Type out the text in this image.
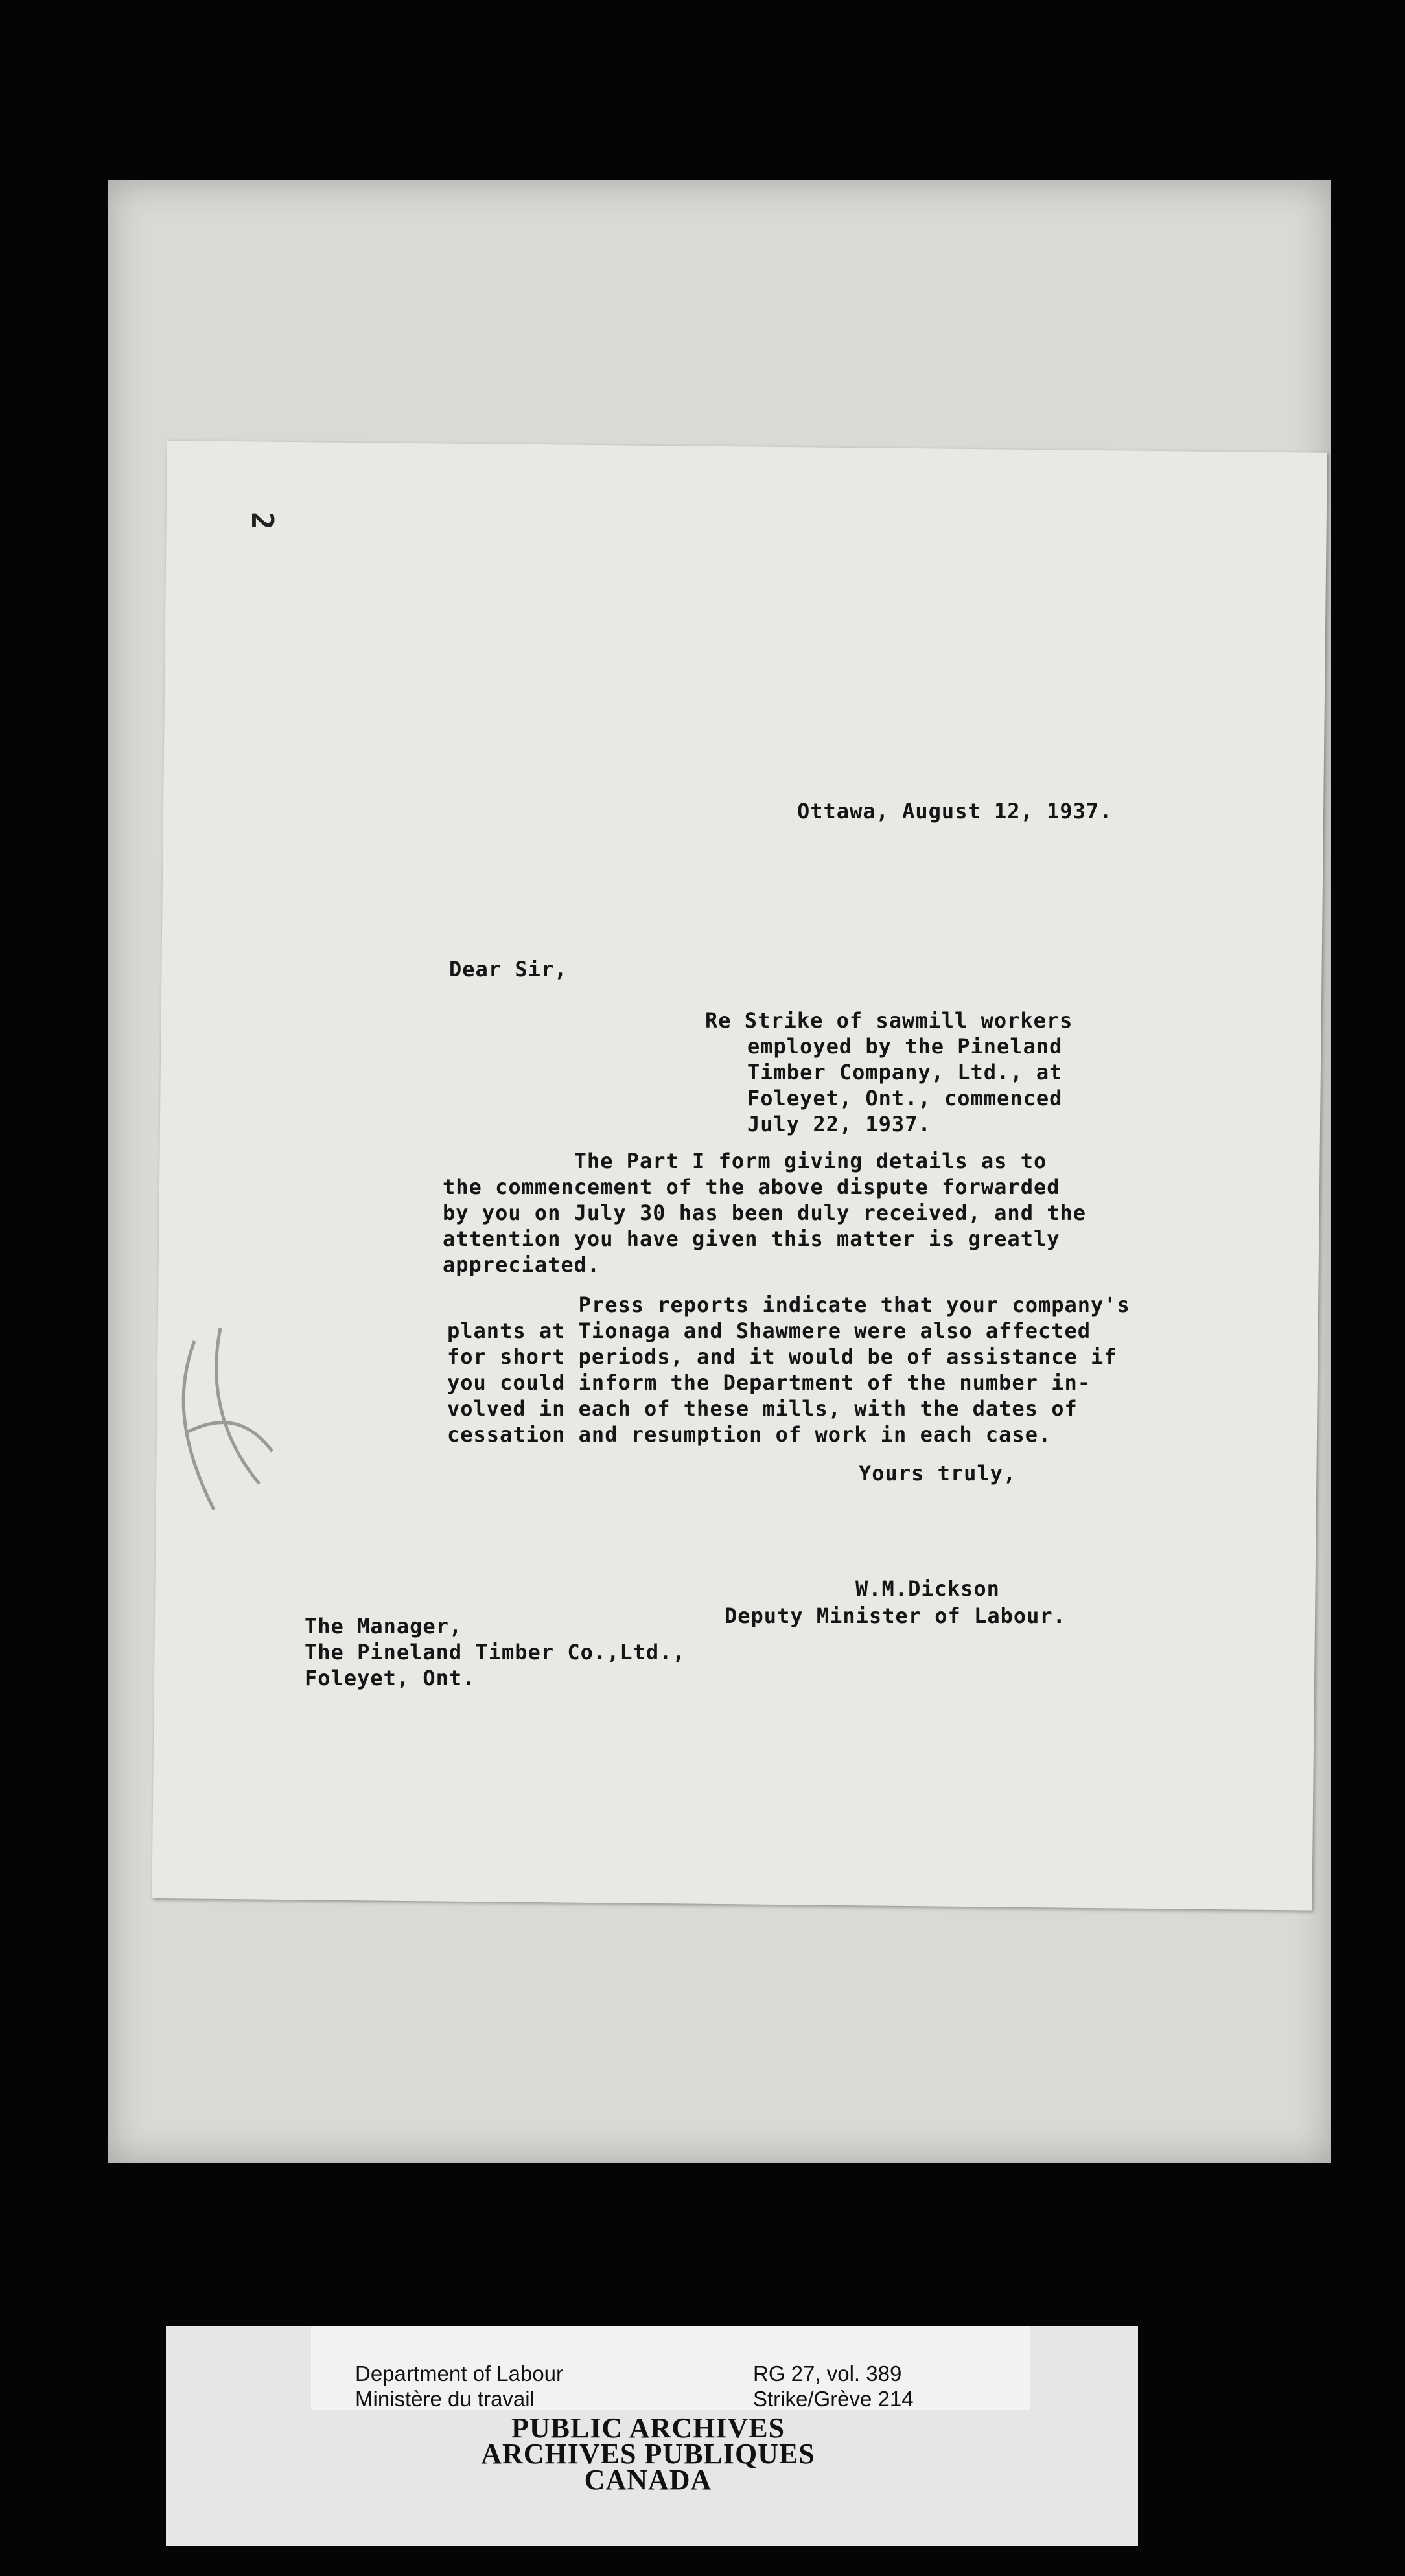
2
Ottawa, August 12, 1937.
Dear Sir,
Re Strike of sawmill workers
employed by the Pineland
Timber Company, Ltd., at
Foleyet, Ont., commenced
July 22, 1937.
The Part I form giving details as to
the commencement of the above dispute forwarded
by you on July 30 has been duly received, and the
attention you have given this matter is greatly
appreciated.
Press reports indicate that your company's
plants at Tionaga and Shawmere were also affected
for short periods, and it would be of assistance if
you could inform the Department of the number in-
volved in each of these mills, with the dates of
cessation and resumption of work in each case.
Yours truly,
W.M.Dickson
Deputy Minister of Labour.
The Manager,
The Pineland Timber Co.,Ltd.,
Foleyet, Ont.
Department of Labour
Ministère du travail
RG 27, vol. 389
Strike/Grève 214
PUBLIC ARCHIVES
ARCHIVES PUBLIQUES
CANADA
